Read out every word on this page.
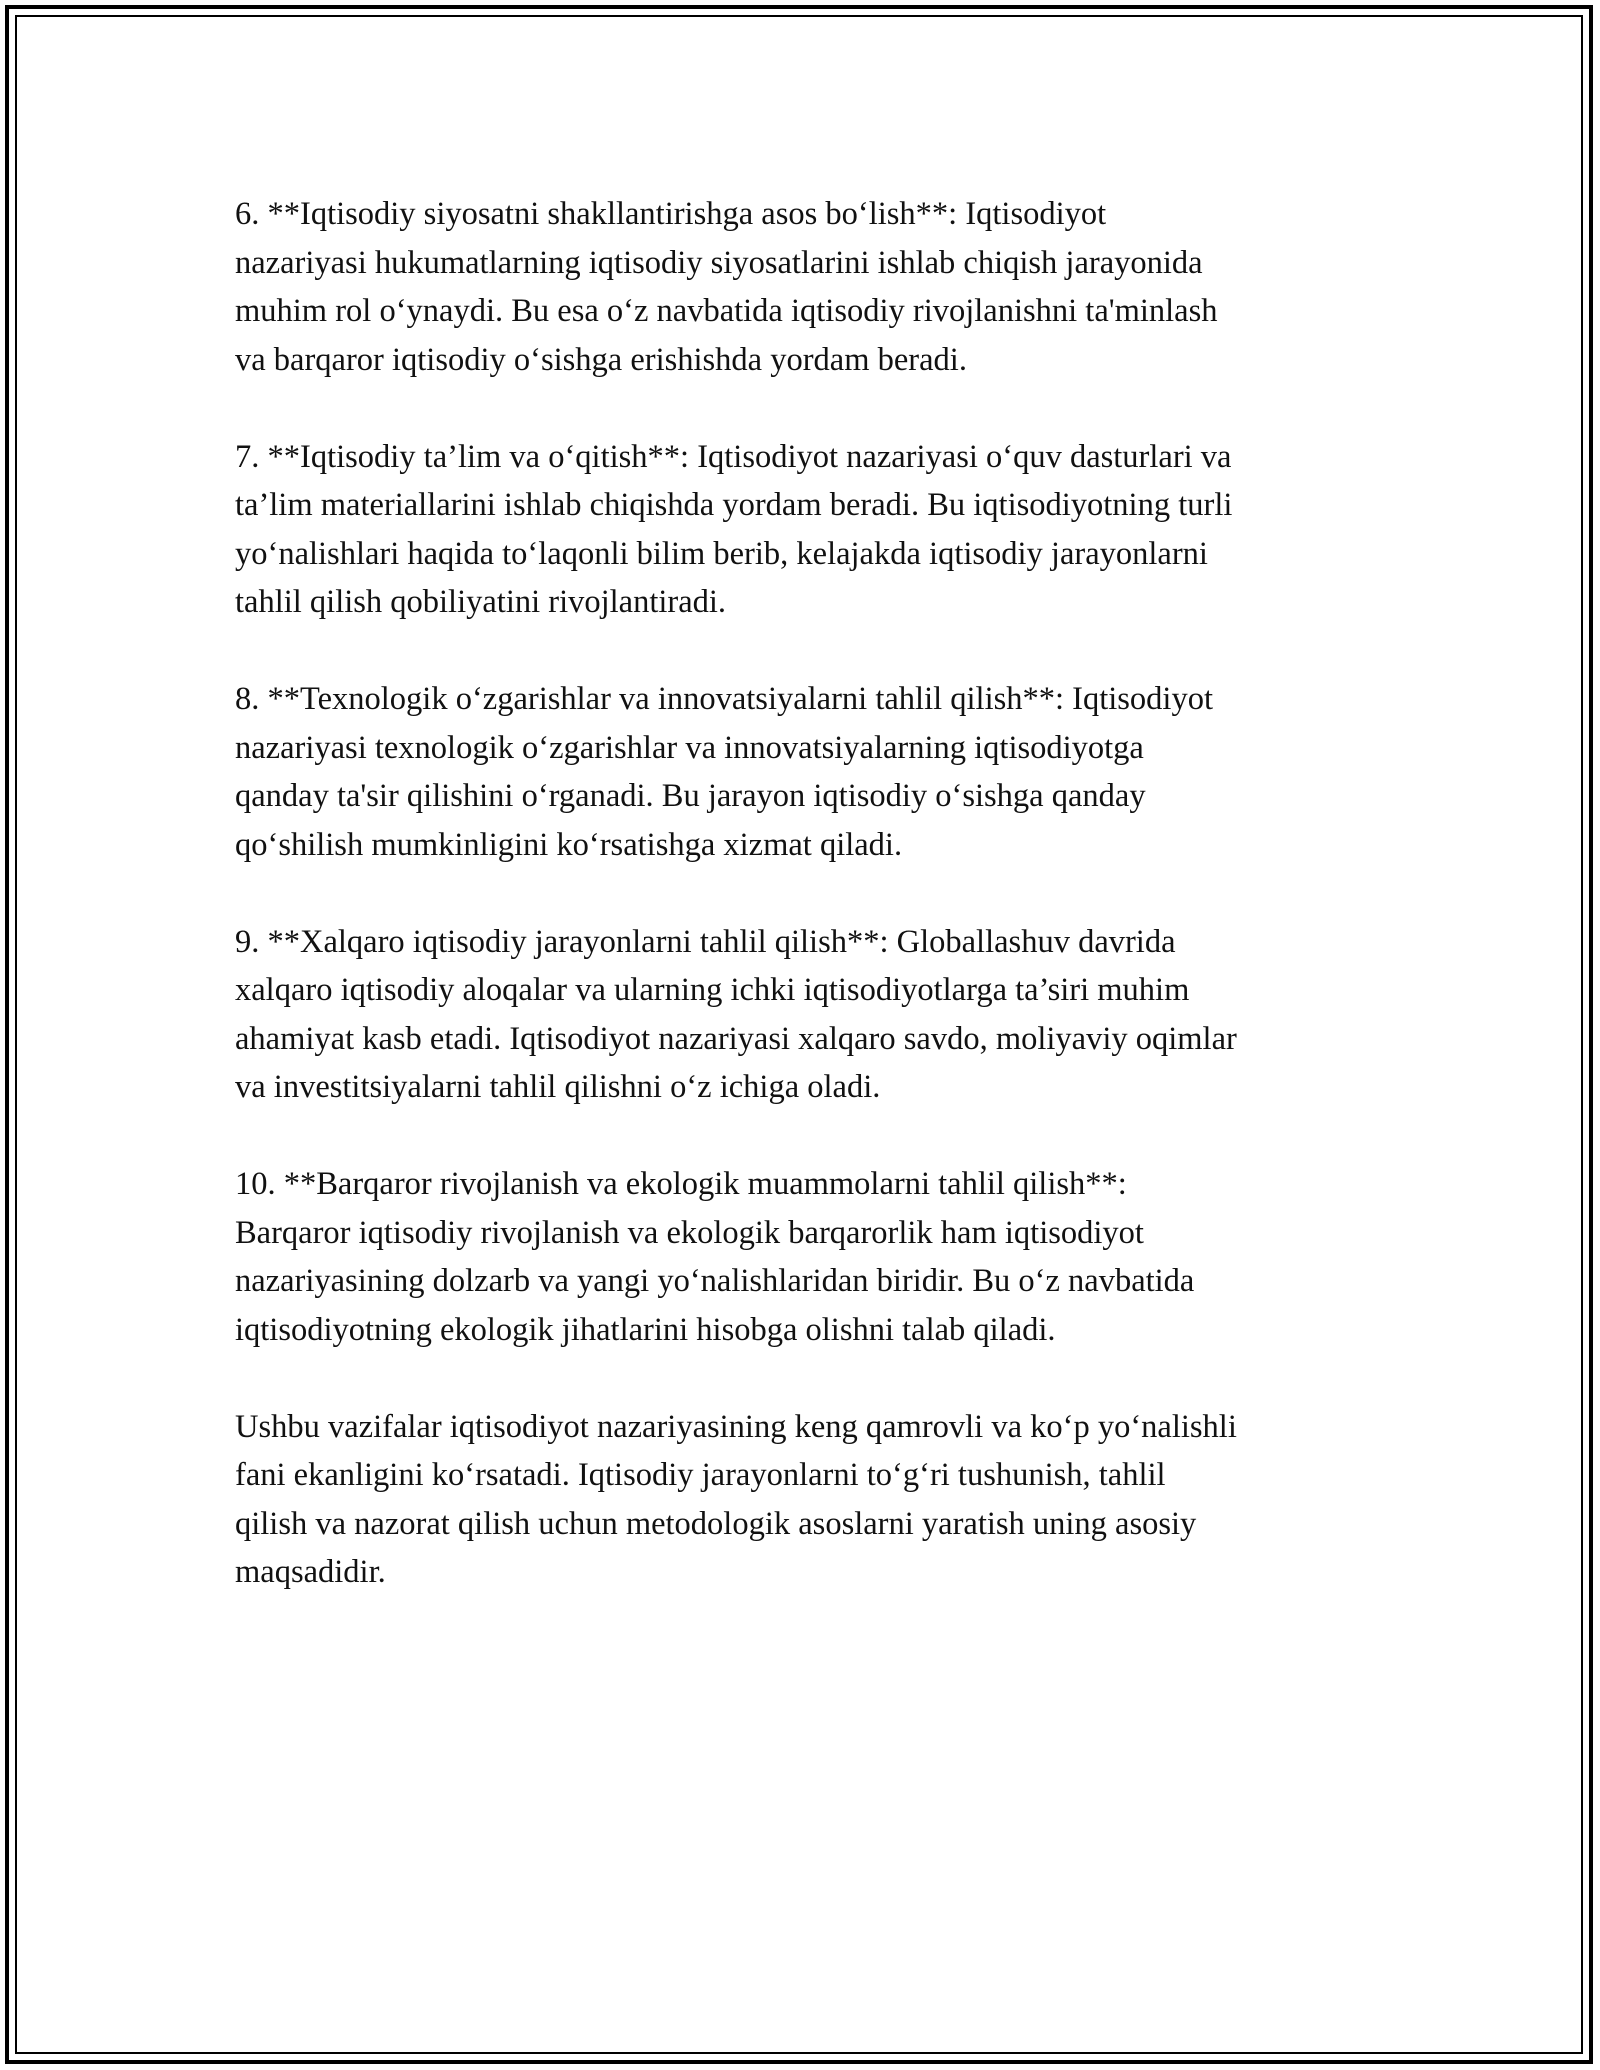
6. **Iqtisodiy siyosatni shakllantirishga asos bo‘lish**: Iqtisodiyot
nazariyasi hukumatlarning iqtisodiy siyosatlarini ishlab chiqish jarayonida
muhim rol o‘ynaydi. Bu esa o‘z navbatida iqtisodiy rivojlanishni ta'minlash
va barqaror iqtisodiy o‘sishga erishishda yordam beradi.
7. **Iqtisodiy ta’lim va o‘qitish**: Iqtisodiyot nazariyasi o‘quv dasturlari va
ta’lim materiallarini ishlab chiqishda yordam beradi. Bu iqtisodiyotning turli
yo‘nalishlari haqida to‘laqonli bilim berib, kelajakda iqtisodiy jarayonlarni
tahlil qilish qobiliyatini rivojlantiradi.
8. **Texnologik o‘zgarishlar va innovatsiyalarni tahlil qilish**: Iqtisodiyot
nazariyasi texnologik o‘zgarishlar va innovatsiyalarning iqtisodiyotga
qanday ta'sir qilishini o‘rganadi. Bu jarayon iqtisodiy o‘sishga qanday
qo‘shilish mumkinligini ko‘rsatishga xizmat qiladi.
9. **Xalqaro iqtisodiy jarayonlarni tahlil qilish**: Globallashuv davrida
xalqaro iqtisodiy aloqalar va ularning ichki iqtisodiyotlarga ta’siri muhim
ahamiyat kasb etadi. Iqtisodiyot nazariyasi xalqaro savdo, moliyaviy oqimlar
va investitsiyalarni tahlil qilishni o‘z ichiga oladi.
10. **Barqaror rivojlanish va ekologik muammolarni tahlil qilish**:
Barqaror iqtisodiy rivojlanish va ekologik barqarorlik ham iqtisodiyot
nazariyasining dolzarb va yangi yo‘nalishlaridan biridir. Bu o‘z navbatida
iqtisodiyotning ekologik jihatlarini hisobga olishni talab qiladi.
Ushbu vazifalar iqtisodiyot nazariyasining keng qamrovli va ko‘p yo‘nalishli
fani ekanligini ko‘rsatadi. Iqtisodiy jarayonlarni to‘g‘ri tushunish, tahlil
qilish va nazorat qilish uchun metodologik asoslarni yaratish uning asosiy
maqsadidir.
